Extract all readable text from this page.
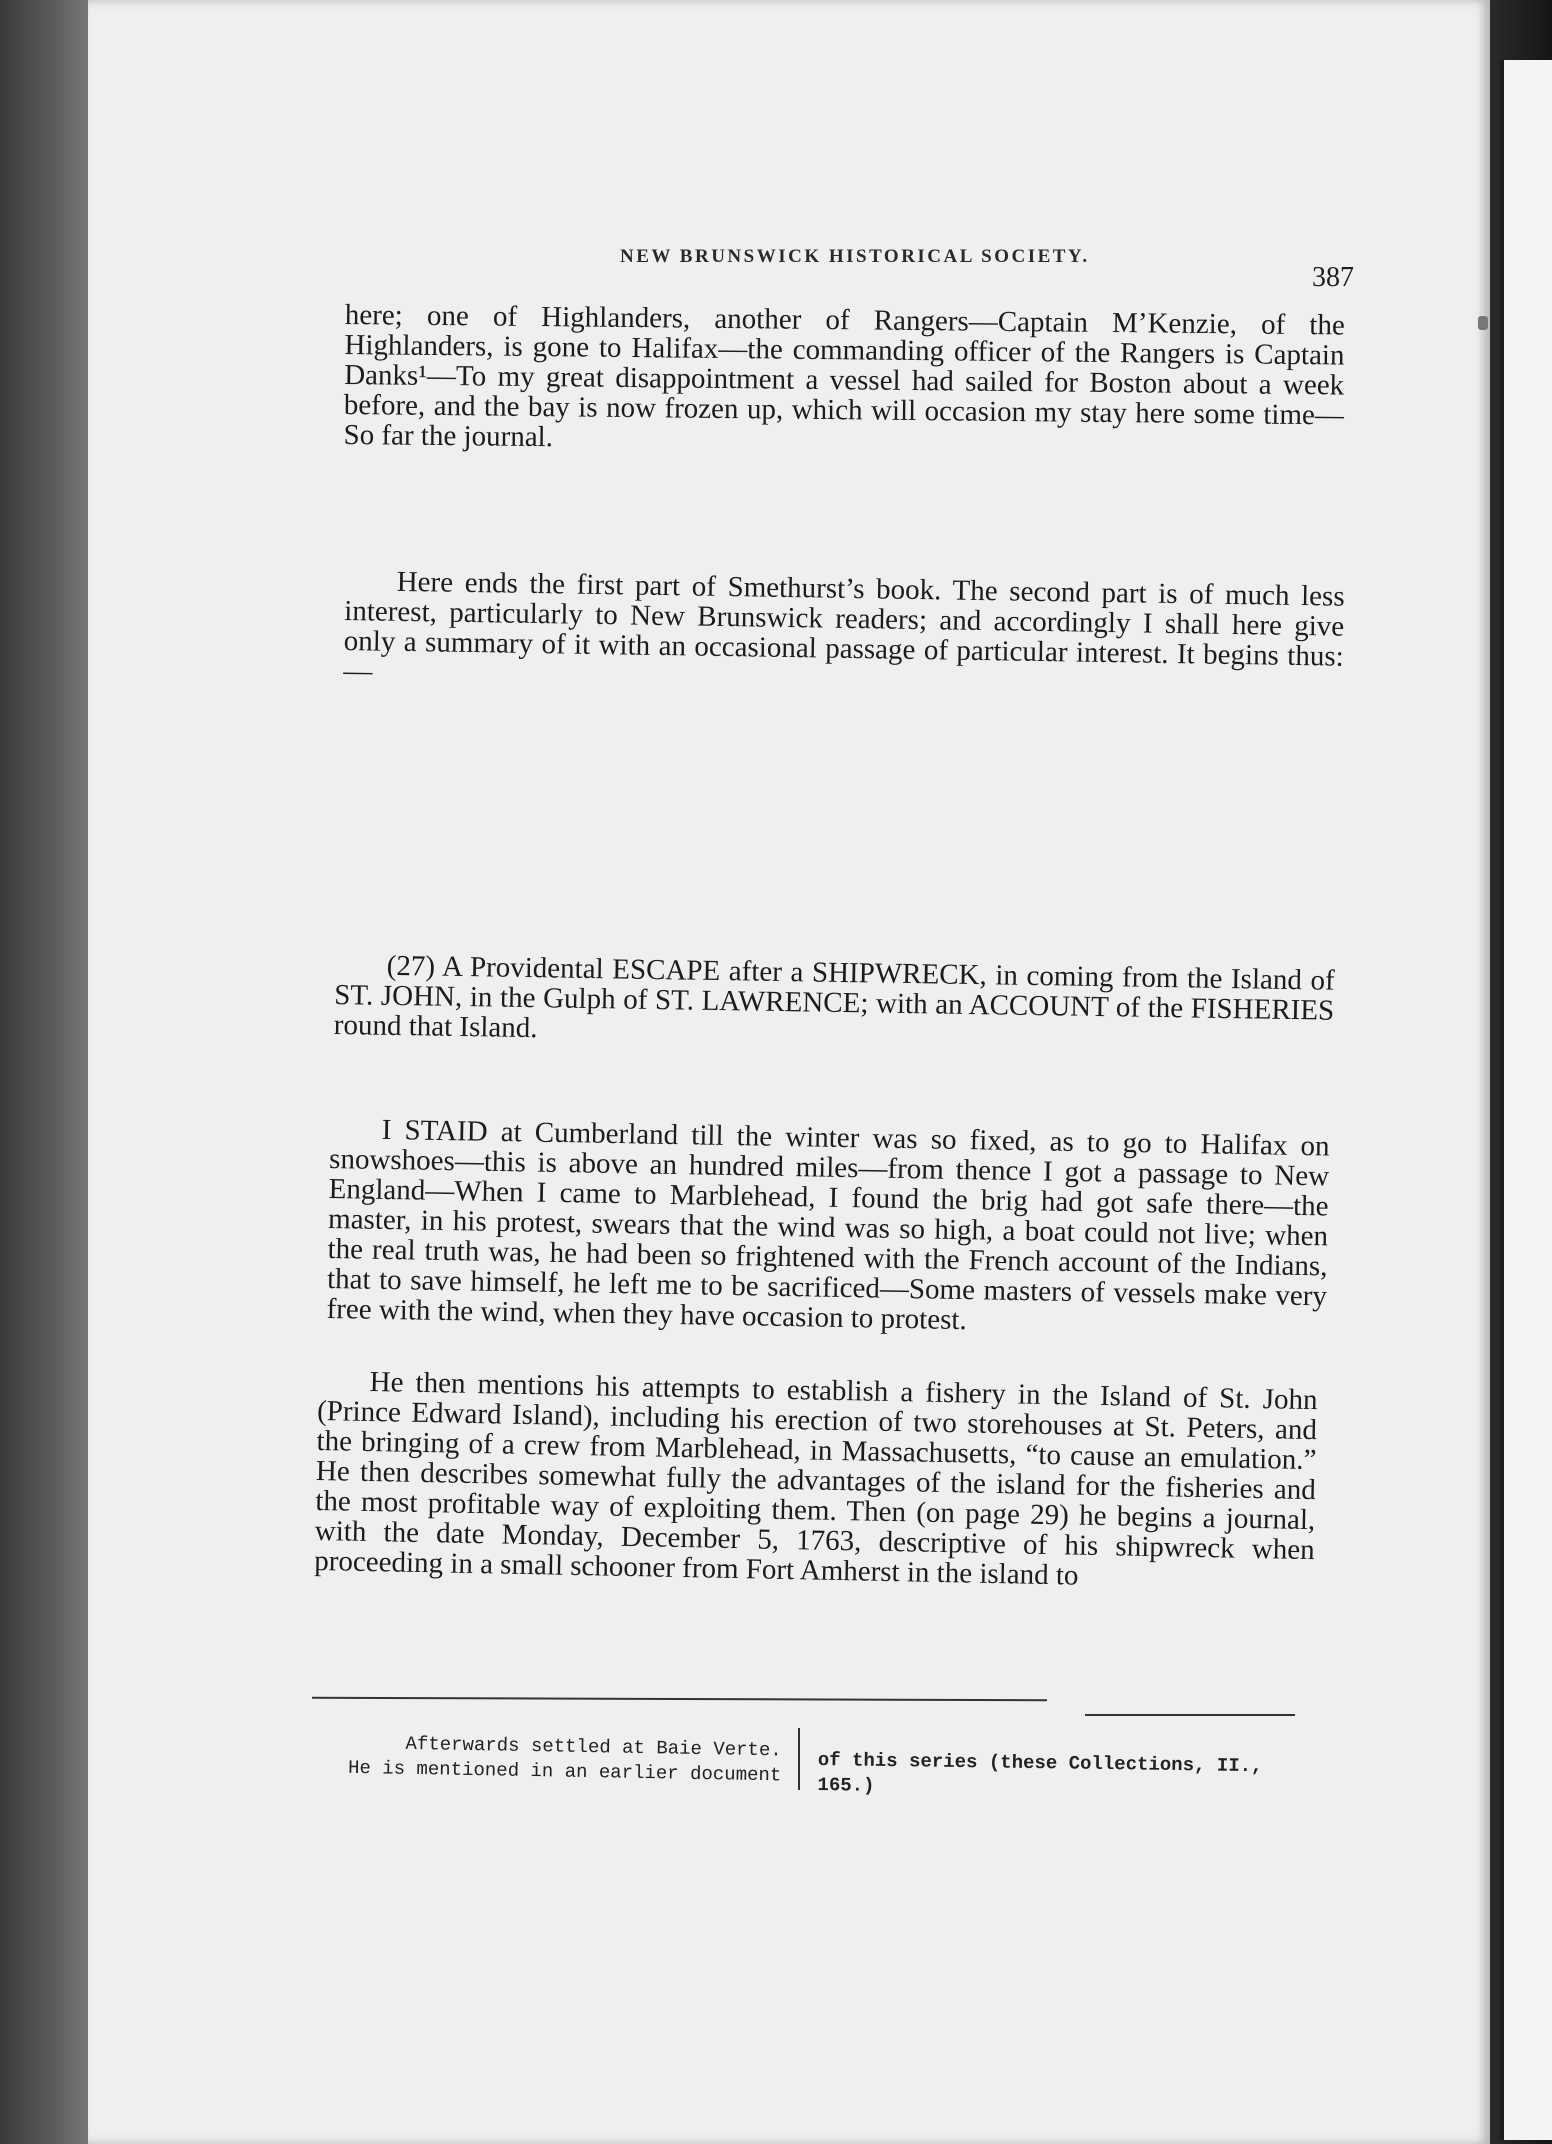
NEW BRUNSWICK HISTORICAL SOCIETY.
387

here; one of Highlanders, another of Rangers—Captain M’Kenzie, of the Highlanders, is gone to Halifax—the commanding officer of the Rangers is Captain Danks¹—To my great disappointment a vessel had sailed for Boston about a week before, and the bay is now frozen up, which will occasion my stay here some time—So far the journal.

Here ends the first part of Smethurst’s book. The second part is of much less interest, particularly to New Brunswick readers; and accordingly I shall here give only a summary of it with an occasional passage of particular interest. It begins thus:—

(27) A Providental ESCAPE after a SHIPWRECK, in coming from the Island of ST. JOHN, in the Gulph of ST. LAWRENCE; with an ACCOUNT of the FISHERIES round that Island.

I STAID at Cumberland till the winter was so fixed, as to go to Halifax on snowshoes—this is above an hundred miles—from thence I got a passage to New England—When I came to Marblehead, I found the brig had got safe there—the master, in his protest, swears that the wind was so high, a boat could not live; when the real truth was, he had been so frightened with the French account of the Indians, that to save himself, he left me to be sacrificed—Some masters of vessels make very free with the wind, when they have occasion to protest.

He then mentions his attempts to establish a fishery in the Island of St. John (Prince Edward Island), including his erection of two storehouses at St. Peters, and the bringing of a crew from Marblehead, in Massachusetts, “to cause an emulation.” He then describes somewhat fully the advantages of the island for the fisheries and the most profitable way of exploiting them. Then (on page 29) he begins a journal, with the date Monday, December 5, 1763, descriptive of his shipwreck when proceeding in a small schooner from Fort Amherst in the island to

Afterwards settled at Baie Verte.
He is mentioned in an earlier document of this series (these Collections, II.,
165.)
